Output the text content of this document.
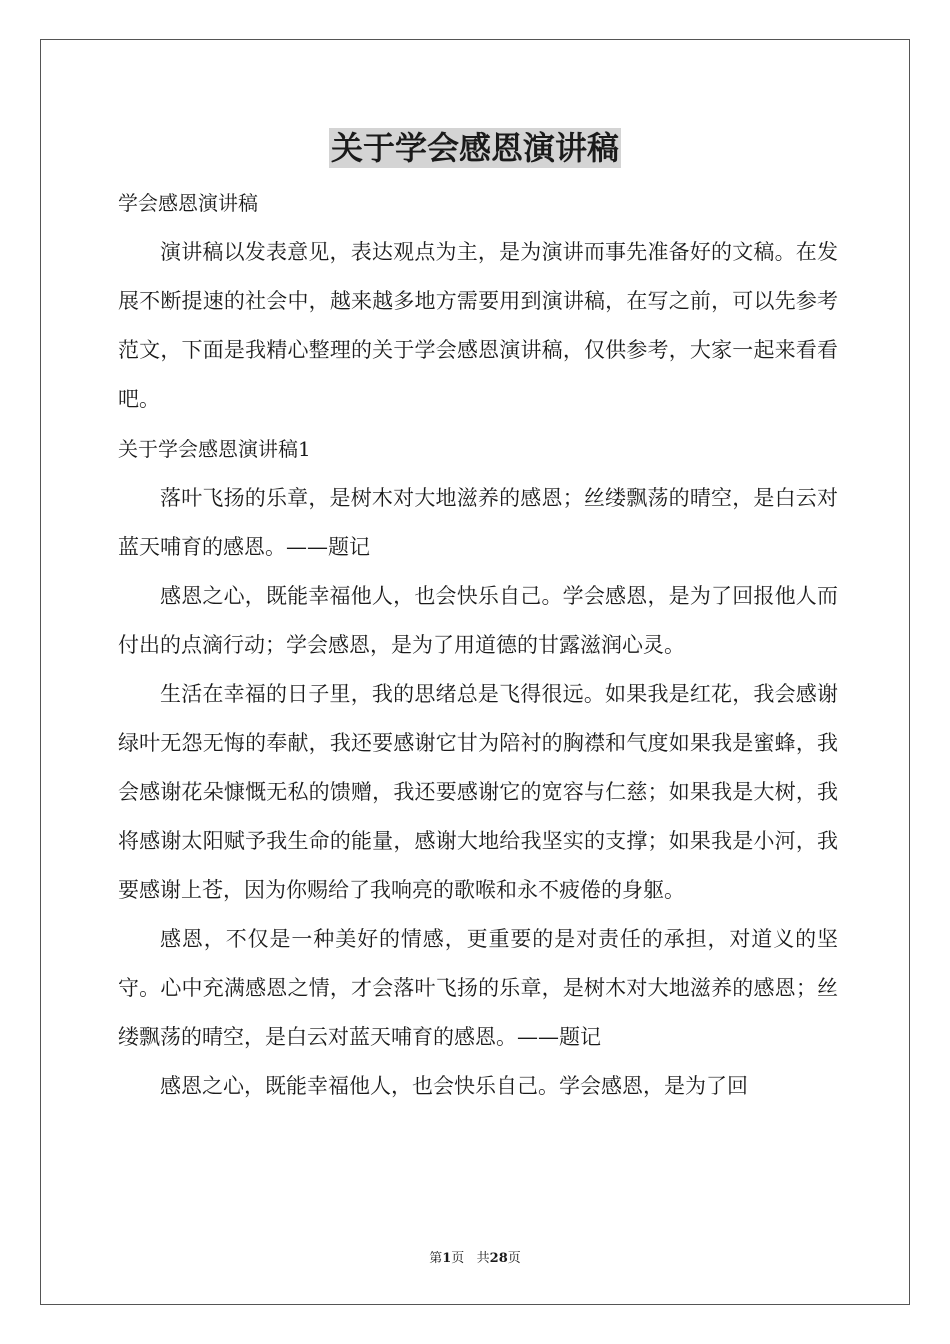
关于学会感恩演讲稿

学会感恩演讲稿

演讲稿以发表意见，表达观点为主，是为演讲而事先准备好的文稿。在发展不断提速的社会中，越来越多地方需要用到演讲稿，在写之前，可以先参考范文，下面是我精心整理的关于学会感恩演讲稿，仅供参考，大家一起来看看吧。

关于学会感恩演讲稿1

落叶飞扬的乐章，是树木对大地滋养的感恩；丝缕飘荡的晴空，是白云对蓝天哺育的感恩。——题记

感恩之心，既能幸福他人，也会快乐自己。学会感恩，是为了回报他人而付出的点滴行动；学会感恩，是为了用道德的甘露滋润心灵。

生活在幸福的日子里，我的思绪总是飞得很远。如果我是红花，我会感谢绿叶无怨无悔的奉献，我还要感谢它甘为陪衬的胸襟和气度如果我是蜜蜂，我会感谢花朵慷慨无私的馈赠，我还要感谢它的宽容与仁慈；如果我是大树，我将感谢太阳赋予我生命的能量，感谢大地给我坚实的支撑；如果我是小河，我要感谢上苍，因为你赐给了我响亮的歌喉和永不疲倦的身躯。

感恩，不仅是一种美好的情感，更重要的是对责任的承担，对道义的坚守。心中充满感恩之情，才会落叶飞扬的乐章，是树木对大地滋养的感恩；丝缕飘荡的晴空，是白云对蓝天哺育的感恩。——题记

感恩之心，既能幸福他人，也会快乐自己。学会感恩，是为了回

第1页   共28页
